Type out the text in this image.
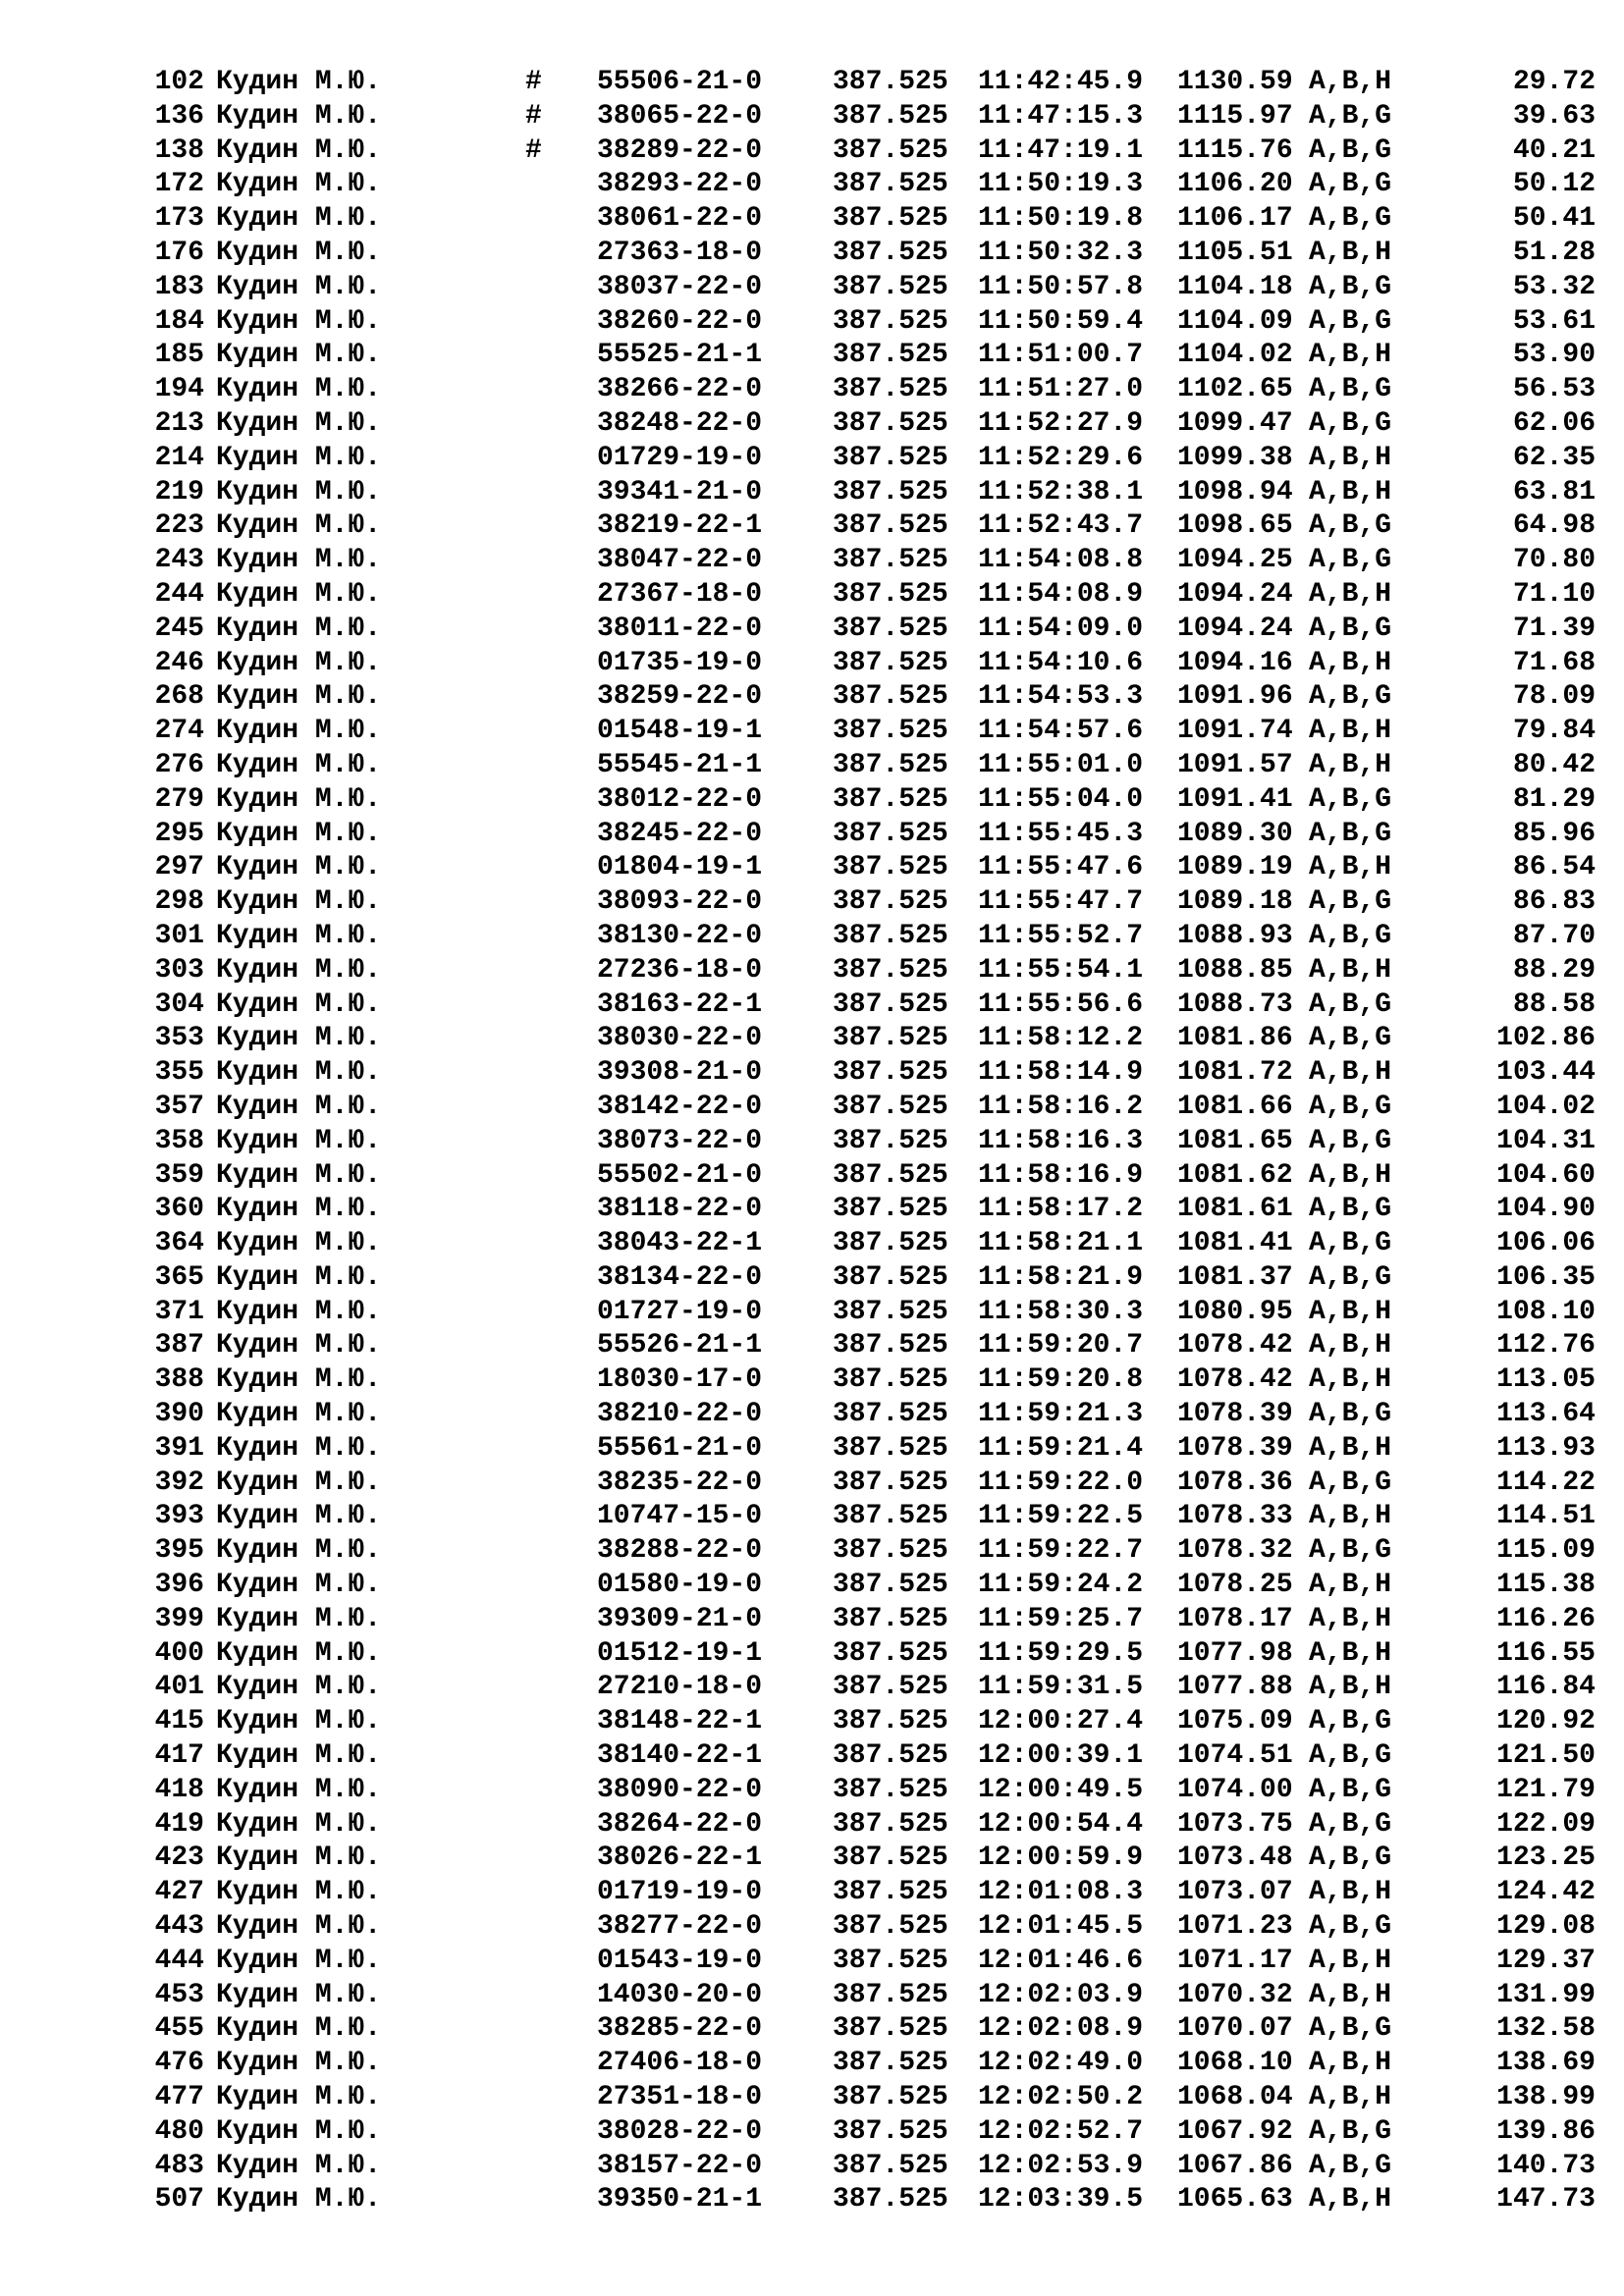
102 Кудин М.Ю.	# 55506-21-0	387.525 11:42:45.9 1130.59 A,B,H	29.72
136 Кудин М.Ю.	# 38065-22-0	387.525 11:47:15.3 1115.97 A,B,G	39.63
138 Кудин М.Ю.	# 38289-22-0	387.525 11:47:19.1 1115.76 A,B,G	40.21
172 Кудин М.Ю.	38293-22-0	387.525 11:50:19.3 1106.20 A,B,G	50.12
173 Кудин М.Ю.	38061-22-0	387.525 11:50:19.8 1106.17 A,B,G	50.41
176 Кудин М.Ю.	27363-18-0	387.525 11:50:32.3 1105.51 A,B,H	51.28
183 Кудин М.Ю.	38037-22-0	387.525 11:50:57.8 1104.18 A,B,G	53.32
184 Кудин М.Ю.	38260-22-0	387.525 11:50:59.4 1104.09 A,B,G	53.61
185 Кудин М.Ю.	55525-21-1	387.525 11:51:00.7 1104.02 A,B,H	53.90
194 Кудин М.Ю.	38266-22-0	387.525 11:51:27.0 1102.65 A,B,G	56.53
213 Кудин М.Ю.	38248-22-0	387.525 11:52:27.9 1099.47 A,B,G	62.06
214 Кудин М.Ю.	01729-19-0	387.525 11:52:29.6 1099.38 A,B,H	62.35
219 Кудин М.Ю.	39341-21-0	387.525 11:52:38.1 1098.94 A,B,H	63.81
223 Кудин М.Ю.	38219-22-1	387.525 11:52:43.7 1098.65 A,B,G	64.98
243 Кудин М.Ю.	38047-22-0	387.525 11:54:08.8 1094.25 A,B,G	70.80
244 Кудин М.Ю.	27367-18-0	387.525 11:54:08.9 1094.24 A,B,H	71.10
245 Кудин М.Ю.	38011-22-0	387.525 11:54:09.0 1094.24 A,B,G	71.39
246 Кудин М.Ю.	01735-19-0	387.525 11:54:10.6 1094.16 A,B,H	71.68
268 Кудин М.Ю.	38259-22-0	387.525 11:54:53.3 1091.96 A,B,G	78.09
274 Кудин М.Ю.	01548-19-1	387.525 11:54:57.6 1091.74 A,B,H	79.84
276 Кудин М.Ю.	55545-21-1	387.525 11:55:01.0 1091.57 A,B,H	80.42
279 Кудин М.Ю.	38012-22-0	387.525 11:55:04.0 1091.41 A,B,G	81.29
295 Кудин М.Ю.	38245-22-0	387.525 11:55:45.3 1089.30 A,B,G	85.96
297 Кудин М.Ю.	01804-19-1	387.525 11:55:47.6 1089.19 A,B,H	86.54
298 Кудин М.Ю.	38093-22-0	387.525 11:55:47.7 1089.18 A,B,G	86.83
301 Кудин М.Ю.	38130-22-0	387.525 11:55:52.7 1088.93 A,B,G	87.70
303 Кудин М.Ю.	27236-18-0	387.525 11:55:54.1 1088.85 A,B,H	88.29
304 Кудин М.Ю.	38163-22-1	387.525 11:55:56.6 1088.73 A,B,G	88.58
353 Кудин М.Ю.	38030-22-0	387.525 11:58:12.2 1081.86 A,B,G	102.86
355 Кудин М.Ю.	39308-21-0	387.525 11:58:14.9 1081.72 A,B,H	103.44
357 Кудин М.Ю.	38142-22-0	387.525 11:58:16.2 1081.66 A,B,G	104.02
358 Кудин М.Ю.	38073-22-0	387.525 11:58:16.3 1081.65 A,B,G	104.31
359 Кудин М.Ю.	55502-21-0	387.525 11:58:16.9 1081.62 A,B,H	104.60
360 Кудин М.Ю.	38118-22-0	387.525 11:58:17.2 1081.61 A,B,G	104.90
364 Кудин М.Ю.	38043-22-1	387.525 11:58:21.1 1081.41 A,B,G	106.06
365 Кудин М.Ю.	38134-22-0	387.525 11:58:21.9 1081.37 A,B,G	106.35
371 Кудин М.Ю.	01727-19-0	387.525 11:58:30.3 1080.95 A,B,H	108.10
387 Кудин М.Ю.	55526-21-1	387.525 11:59:20.7 1078.42 A,B,H	112.76
388 Кудин М.Ю.	18030-17-0	387.525 11:59:20.8 1078.42 A,B,H	113.05
390 Кудин М.Ю.	38210-22-0	387.525 11:59:21.3 1078.39 A,B,G	113.64
391 Кудин М.Ю.	55561-21-0	387.525 11:59:21.4 1078.39 A,B,H	113.93
392 Кудин М.Ю.	38235-22-0	387.525 11:59:22.0 1078.36 A,B,G	114.22
393 Кудин М.Ю.	10747-15-0	387.525 11:59:22.5 1078.33 A,B,H	114.51
395 Кудин М.Ю.	38288-22-0	387.525 11:59:22.7 1078.32 A,B,G	115.09
396 Кудин М.Ю.	01580-19-0	387.525 11:59:24.2 1078.25 A,B,H	115.38
399 Кудин М.Ю.	39309-21-0	387.525 11:59:25.7 1078.17 A,B,H	116.26
400 Кудин М.Ю.	01512-19-1	387.525 11:59:29.5 1077.98 A,B,H	116.55
401 Кудин М.Ю.	27210-18-0	387.525 11:59:31.5 1077.88 A,B,H	116.84
415 Кудин М.Ю.	38148-22-1	387.525 12:00:27.4 1075.09 A,B,G	120.92
417 Кудин М.Ю.	38140-22-1	387.525 12:00:39.1 1074.51 A,B,G	121.50
418 Кудин М.Ю.	38090-22-0	387.525 12:00:49.5 1074.00 A,B,G	121.79
419 Кудин М.Ю.	38264-22-0	387.525 12:00:54.4 1073.75 A,B,G	122.09
423 Кудин М.Ю.	38026-22-1	387.525 12:00:59.9 1073.48 A,B,G	123.25
427 Кудин М.Ю.	01719-19-0	387.525 12:01:08.3 1073.07 A,B,H	124.42
443 Кудин М.Ю.	38277-22-0	387.525 12:01:45.5 1071.23 A,B,G	129.08
444 Кудин М.Ю.	01543-19-0	387.525 12:01:46.6 1071.17 A,B,H	129.37
453 Кудин М.Ю.	14030-20-0	387.525 12:02:03.9 1070.32 A,B,H	131.99
455 Кудин М.Ю.	38285-22-0	387.525 12:02:08.9 1070.07 A,B,G	132.58
476 Кудин М.Ю.	27406-18-0	387.525 12:02:49.0 1068.10 A,B,H	138.69
477 Кудин М.Ю.	27351-18-0	387.525 12:02:50.2 1068.04 A,B,H	138.99
480 Кудин М.Ю.	38028-22-0	387.525 12:02:52.7 1067.92 A,B,G	139.86
483 Кудин М.Ю.	38157-22-0	387.525 12:02:53.9 1067.86 A,B,G	140.73
507 Кудин М.Ю.	39350-21-1	387.525 12:03:39.5 1065.63 A,B,H	147.73
